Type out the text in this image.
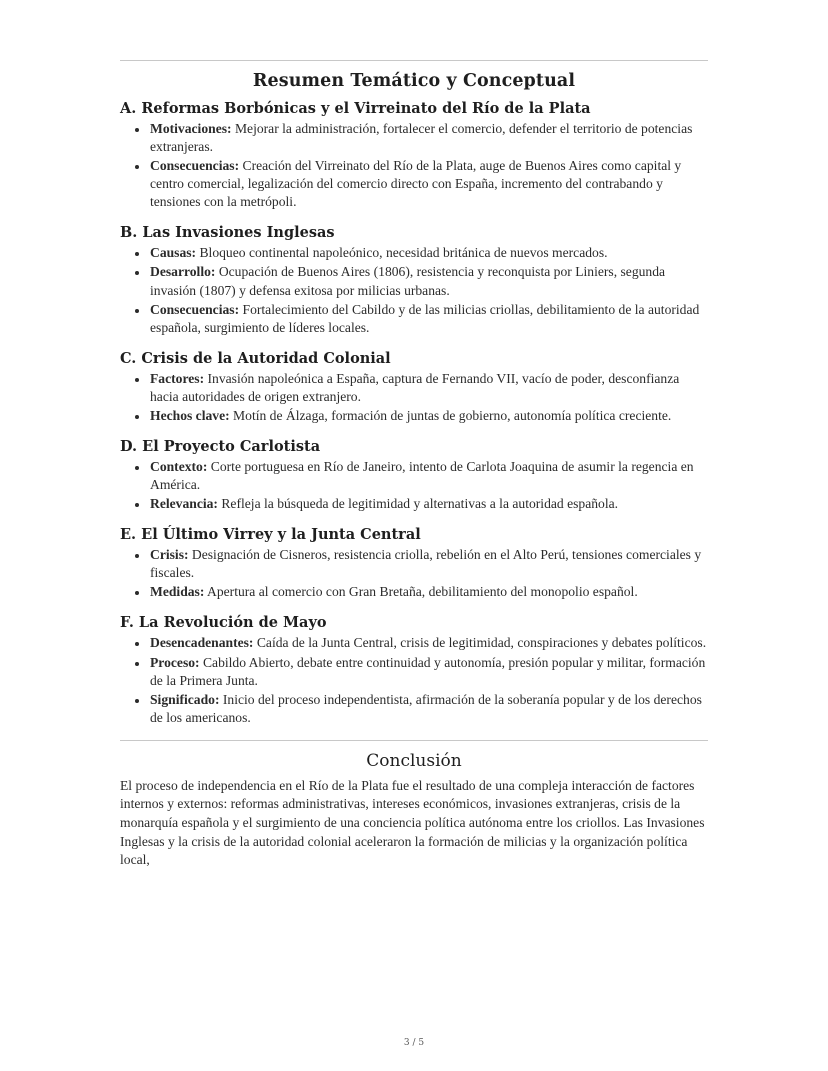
Resumen Temático y Conceptual
A. Reformas Borbónicas y el Virreinato del Río de la Plata
Motivaciones: Mejorar la administración, fortalecer el comercio, defender el territorio de potencias extranjeras.
Consecuencias: Creación del Virreinato del Río de la Plata, auge de Buenos Aires como capital y centro comercial, legalización del comercio directo con España, incremento del contrabando y tensiones con la metrópoli.
B. Las Invasiones Inglesas
Causas: Bloqueo continental napoleónico, necesidad británica de nuevos mercados.
Desarrollo: Ocupación de Buenos Aires (1806), resistencia y reconquista por Liniers, segunda invasión (1807) y defensa exitosa por milicias urbanas.
Consecuencias: Fortalecimiento del Cabildo y de las milicias criollas, debilitamiento de la autoridad española, surgimiento de líderes locales.
C. Crisis de la Autoridad Colonial
Factores: Invasión napoleónica a España, captura de Fernando VII, vacío de poder, desconfianza hacia autoridades de origen extranjero.
Hechos clave: Motín de Álzaga, formación de juntas de gobierno, autonomía política creciente.
D. El Proyecto Carlotista
Contexto: Corte portuguesa en Río de Janeiro, intento de Carlota Joaquina de asumir la regencia en América.
Relevancia: Refleja la búsqueda de legitimidad y alternativas a la autoridad española.
E. El Último Virrey y la Junta Central
Crisis: Designación de Cisneros, resistencia criolla, rebelión en el Alto Perú, tensiones comerciales y fiscales.
Medidas: Apertura al comercio con Gran Bretaña, debilitamiento del monopolio español.
F. La Revolución de Mayo
Desencadenantes: Caída de la Junta Central, crisis de legitimidad, conspiraciones y debates políticos.
Proceso: Cabildo Abierto, debate entre continuidad y autonomía, presión popular y militar, formación de la Primera Junta.
Significado: Inicio del proceso independentista, afirmación de la soberanía popular y de los derechos de los americanos.
Conclusión

El proceso de independencia en el Río de la Plata fue el resultado de una compleja interacción de factores internos y externos: reformas administrativas, intereses económicos, invasiones extranjeras, crisis de la monarquía española y el surgimiento de una conciencia política autónoma entre los criollos. Las Invasiones Inglesas y la crisis de la autoridad colonial aceleraron la formación de milicias y la organización política local,

3 / 5
